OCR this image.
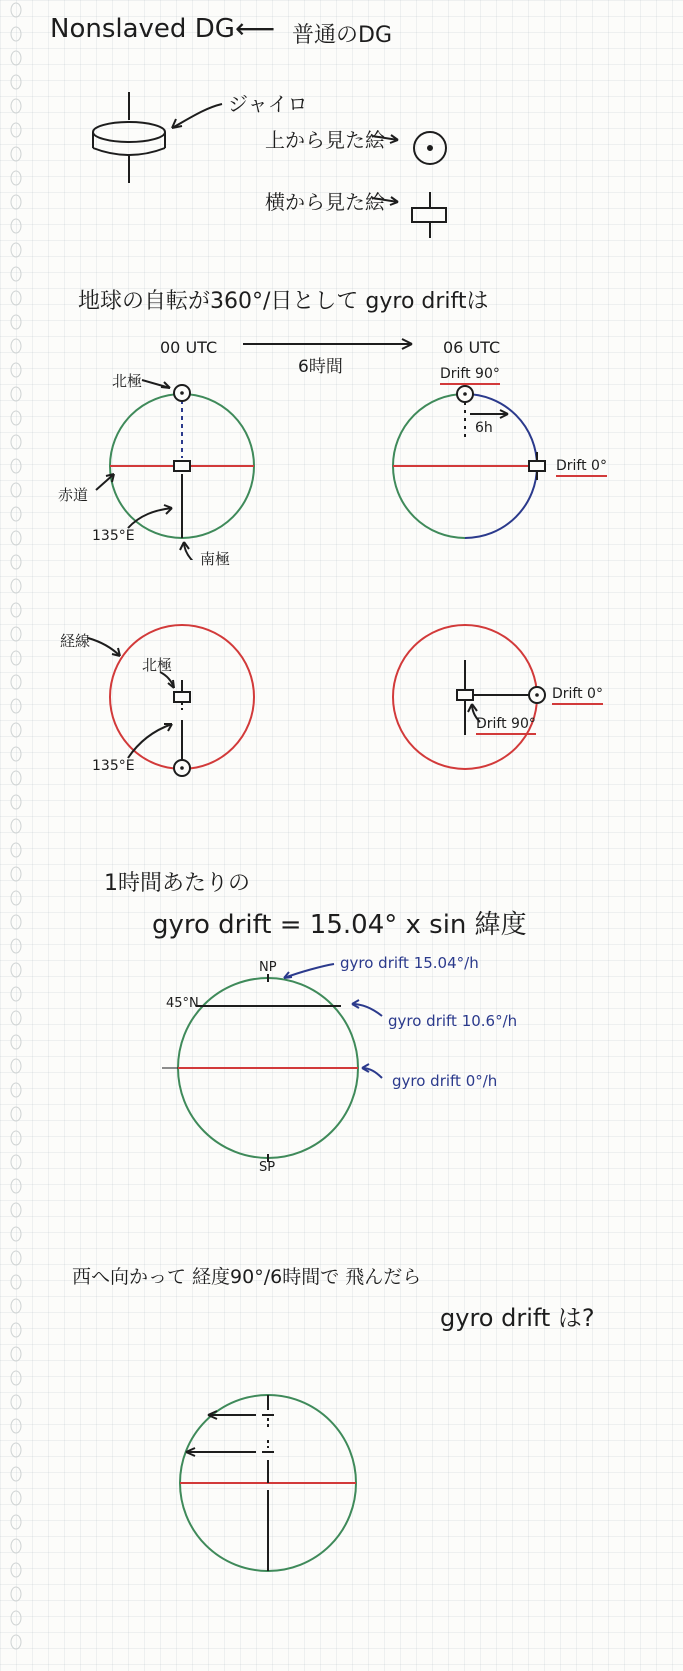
Nonslaved DG ⟵ 普通のDG
ジャイロ
上から見た絵
横から見た絵
地球の自転が360°/日として gyro driftは
00 UTC	06 UTC
6時間
北極
赤道
135°E
南極
Drift 90°
6h
Drift 0°
経線
北極
135°E
Drift 0°
Drift 90°
1時間あたりの
gyro drift = 15.04° x sin 緯度
NP
45°N
SP
gyro drift 15.04°/h
gyro drift 10.6°/h
gyro drift 0°/h
西へ向かって 経度90°/6時間で 飛んだら
gyro drift は?
